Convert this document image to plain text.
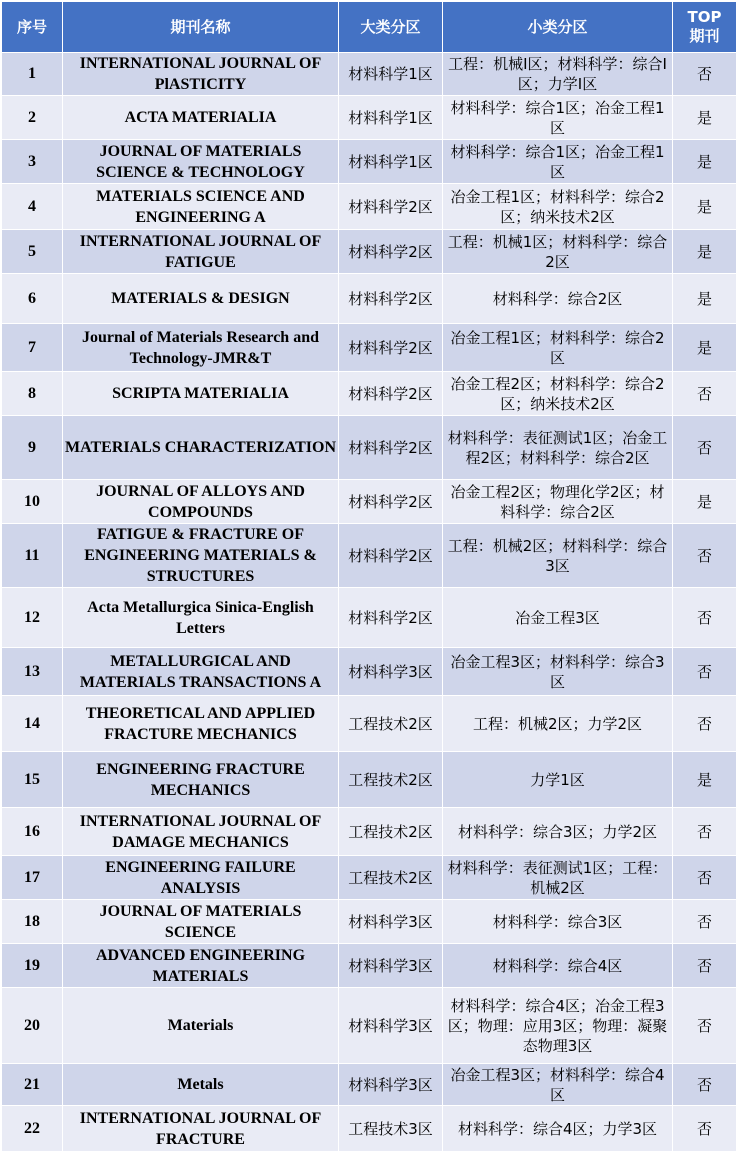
序号	期刊名称	大类分区	小类分区	TOP
期刊
1	INTERNATIONAL JOURNAL OF PlASTICITY	材料科学1区	工程：机械I区；材料科学：综合I区；力学I区	否
2	ACTA MATERIALIA	材料科学1区	材料科学：综合1区；冶金工程1区	是
3	JOURNAL OF MATERIALS SCIENCE & TECHNOLOGY	材料科学1区	材料科学：综合1区；冶金工程1区	是
4	MATERIALS SCIENCE AND ENGINEERING A	材料科学2区	冶金工程1区；材料科学：综合2区；纳米技术2区	是
5	INTERNATIONAL JOURNAL OF FATIGUE	材料科学2区	工程：机械1区；材料科学：综合2区	是
6	MATERIALS & DESIGN	材料科学2区	材料科学：综合2区	是
7	Journal of Materials Research and Technology-JMR&T	材料科学2区	冶金工程1区；材料科学：综合2区	是
8	SCRIPTA MATERIALIA	材料科学2区	冶金工程2区；材料科学：综合2区；纳米技术2区	否
9	MATERIALS CHARACTERIZATION	材料科学2区	材料科学：表征测试1区；冶金工程2区；材料科学：综合2区	否
10	JOURNAL OF ALLOYS AND COMPOUNDS	材料科学2区	冶金工程2区；物理化学2区；材料科学：综合2区	是
11	FATIGUE & FRACTURE OF ENGINEERING MATERIALS & STRUCTURES	材料科学2区	工程：机械2区；材料科学：综合3区	否
12	Acta Metallurgica Sinica-English Letters	材料科学2区	冶金工程3区	否
13	METALLURGICAL AND MATERIALS TRANSACTIONS A	材料科学3区	冶金工程3区；材料科学：综合3区	否
14	THEORETICAL AND APPLIED FRACTURE MECHANICS	工程技术2区	工程：机械2区；力学2区	否
15	ENGINEERING FRACTURE MECHANICS	工程技术2区	力学1区	是
16	INTERNATIONAL JOURNAL OF DAMAGE MECHANICS	工程技术2区	材料科学：综合3区；力学2区	否
17	ENGINEERING FAILURE ANALYSIS	工程技术2区	材料科学：表征测试1区；工程：机械2区	否
18	JOURNAL OF MATERIALS SCIENCE	材料科学3区	材料科学：综合3区	否
19	ADVANCED ENGINEERING MATERIALS	材料科学3区	材料科学：综合4区	否
20	Materials	材料科学3区	材料科学：综合4区；冶金工程3区；物理：应用3区；物理：凝聚态物理3区	否
21	Metals	材料科学3区	冶金工程3区；材料科学：综合4区	否
22	INTERNATIONAL JOURNAL OF FRACTURE	工程技术3区	材料科学：综合4区；力学3区	否
